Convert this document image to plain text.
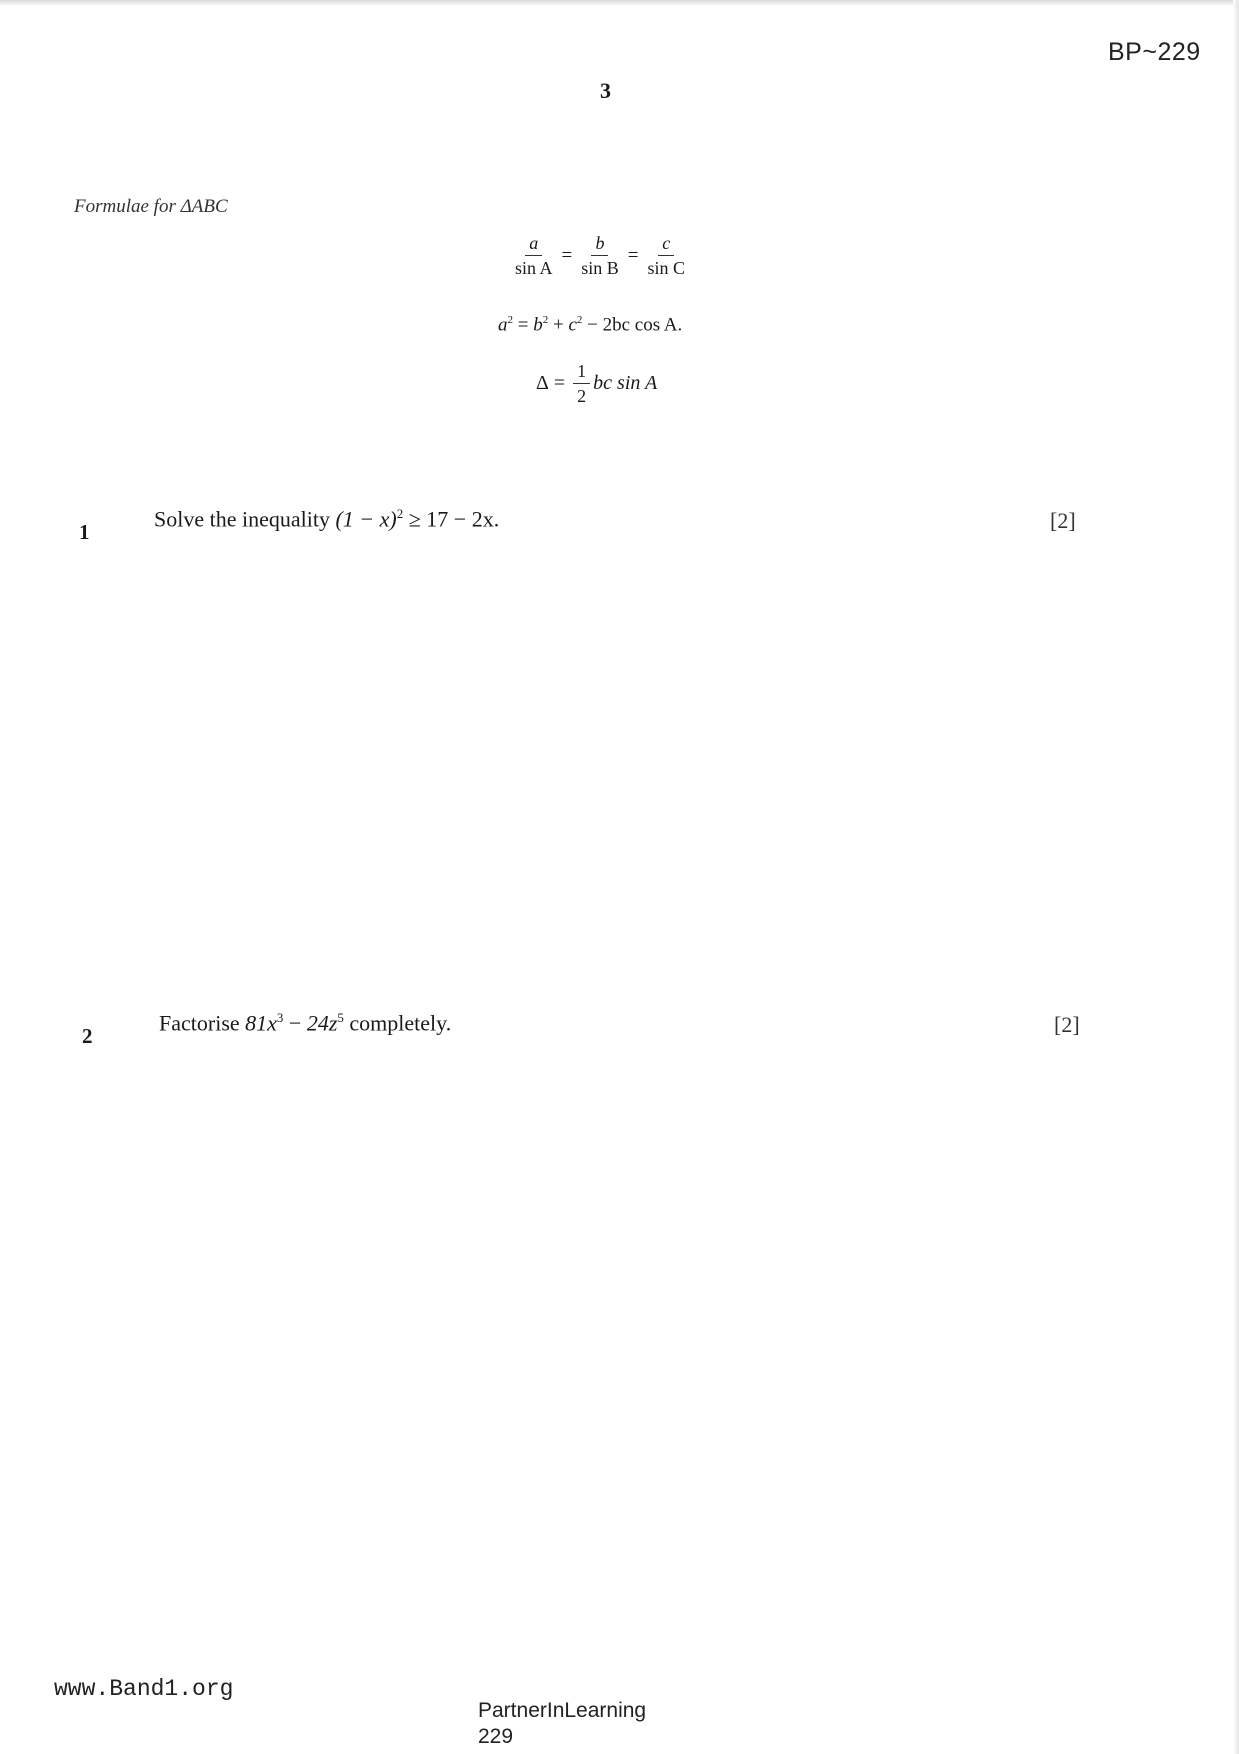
BP~229
3
Formulae for ΔABC
$\frac{a}{\text{sin A}} = \frac{b}{\text{sin B}} = \frac{c}{\text{sin C}}$
$a^2 = b^2 + c^2 - 2bc$ cos A.
$\Delta = \frac{1}{2}$ bc sin A
1
Solve the inequality $(1 - x)^2 \ge 17 - 2x$.	[2]
2
Factorise $81x^3 - 24z^5$ completely.	[2]
www.Band1.org
PartnerInLearning
229
